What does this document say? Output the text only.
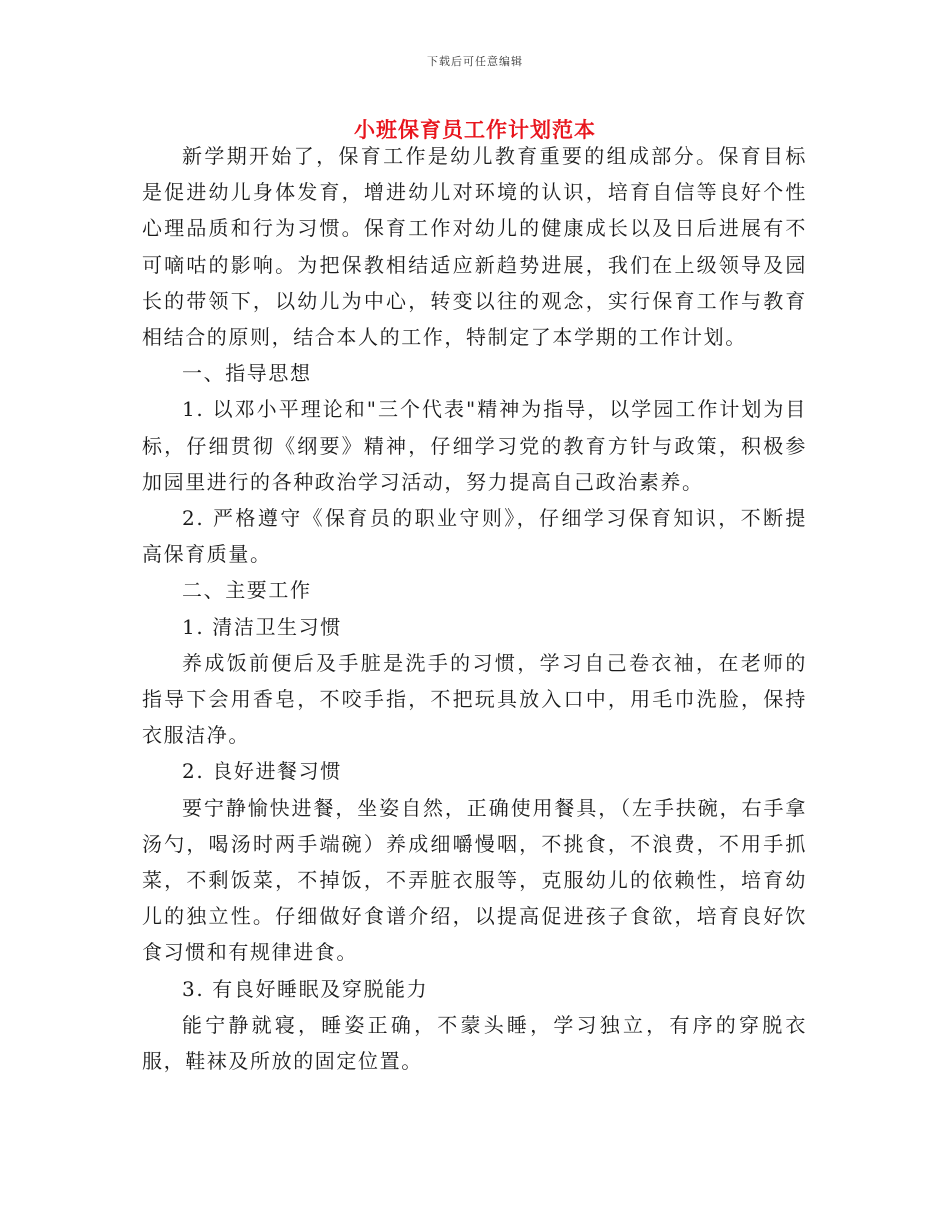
下载后可任意编辑
小班保育员工作计划范本

新学期开始了，保育工作是幼儿教育重要的组成部分。保育目标是促进幼儿身体发育，增进幼儿对环境的认识，培育自信等良好个性心理品质和行为习惯。保育工作对幼儿的健康成长以及日后进展有不可嘀咕的影响。为把保教相结适应新趋势进展，我们在上级领导及园长的带领下，以幼儿为中心，转变以往的观念，实行保育工作与教育相结合的原则，结合本人的工作，特制定了本学期的工作计划。

一、指导思想

1. 以邓小平理论和"三个代表"精神为指导，以学园工作计划为目标，仔细贯彻《纲要》精神，仔细学习党的教育方针与政策，积极参加园里进行的各种政治学习活动，努力提高自己政治素养。

2. 严格遵守《保育员的职业守则》，仔细学习保育知识，不断提高保育质量。

二、主要工作

1. 清洁卫生习惯

养成饭前便后及手脏是洗手的习惯，学习自己卷衣袖，在老师的指导下会用香皂，不咬手指，不把玩具放入口中，用毛巾洗脸，保持衣服洁净。

2. 良好进餐习惯

要宁静愉快进餐，坐姿自然，正确使用餐具，（左手扶碗，右手拿汤勺，喝汤时两手端碗）养成细嚼慢咽，不挑食，不浪费，不用手抓菜，不剩饭菜，不掉饭，不弄脏衣服等，克服幼儿的依赖性，培育幼儿的独立性。仔细做好食谱介绍，以提高促进孩子食欲，培育良好饮食习惯和有规律进食。

3. 有良好睡眠及穿脱能力

能宁静就寝，睡姿正确，不蒙头睡，学习独立，有序的穿脱衣服，鞋袜及所放的固定位置。
